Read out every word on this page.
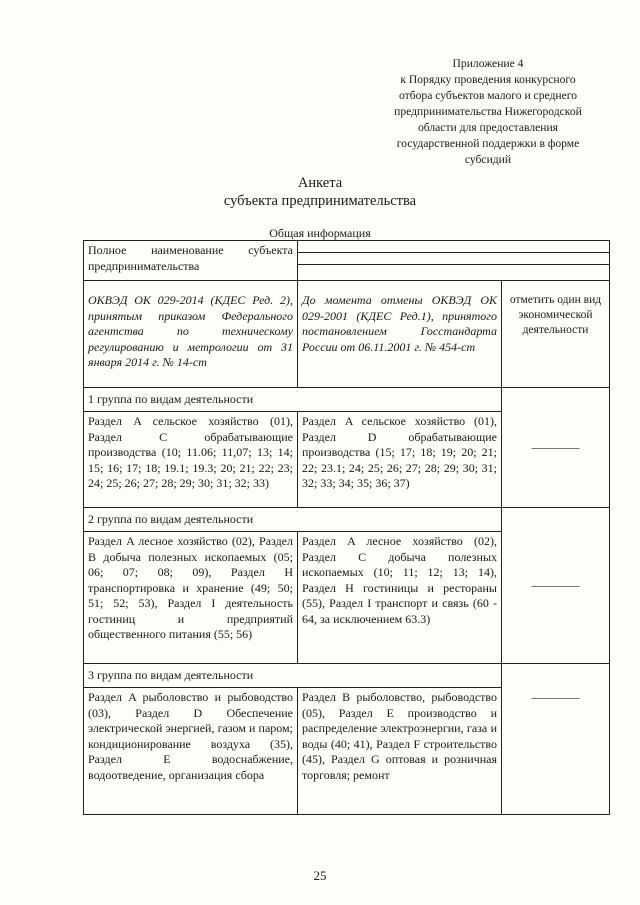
Приложение 4
к Порядку проведения конкурсного
отбора субъектов малого и среднего
предпринимательства Нижегородской
области для предоставления
государственной поддержки в форме
субсидий
Анкета
субъекта предпринимательства
Общая информация
Полное наименование субъекта предпринимательства		

ОКВЭД ОК 029-2014 (КДЕС Ред. 2), принятым приказом Федерального агентства по техническому регулированию и метрологии от 31 января 2014 г. № 14-ст	До момента отмены ОКВЭД ОК 029-2001 (КДЕС Ред.1), принятого постановлением Госстандарта России от 06.11.2001 г. № 454-ст	отметить один вид экономической деятельности
1 группа по видам деятельности		————
Раздел A сельское хозяйство (01), Раздел C обрабатывающие производства (10; 11.06; 11,07; 13; 14; 15; 16; 17; 18; 19.1; 19.3; 20; 21; 22; 23; 24; 25; 26; 27; 28; 29; 30; 31; 32; 33)	Раздел A сельское хозяйство (01), Раздел D обрабатывающие производства (15; 17; 18; 19; 20; 21; 22; 23.1; 24; 25; 26; 27; 28; 29; 30; 31; 32; 33; 34; 35; 36; 37)	
2 группа по видам деятельности		————
Раздел A лесное хозяйство (02), Раздел B добыча полезных ископаемых (05; 06; 07; 08; 09), Раздел H транспортировка и хранение (49; 50; 51; 52; 53), Раздел I деятельность гостиниц и предприятий общественного питания (55; 56)	Раздел A лесное хозяйство (02), Раздел C добыча полезных ископаемых (10; 11; 12; 13; 14), Раздел H гостиницы и рестораны (55), Раздел I транспорт и связь (60 - 64, за исключением 63.3)	
3 группа по видам деятельности		————
Раздел A рыболовство и рыбоводство (03), Раздел D Обеспечение электрической энергией, газом и паром; кондиционирование воздуха (35), Раздел E водоснабжение, водоотведение, организация сбора	Раздел B рыболовство, рыбоводство (05), Раздел E производство и распределение электроэнергии, газа и воды (40; 41), Раздел F строительство (45), Раздел G оптовая и розничная торговля; ремонт	
25
